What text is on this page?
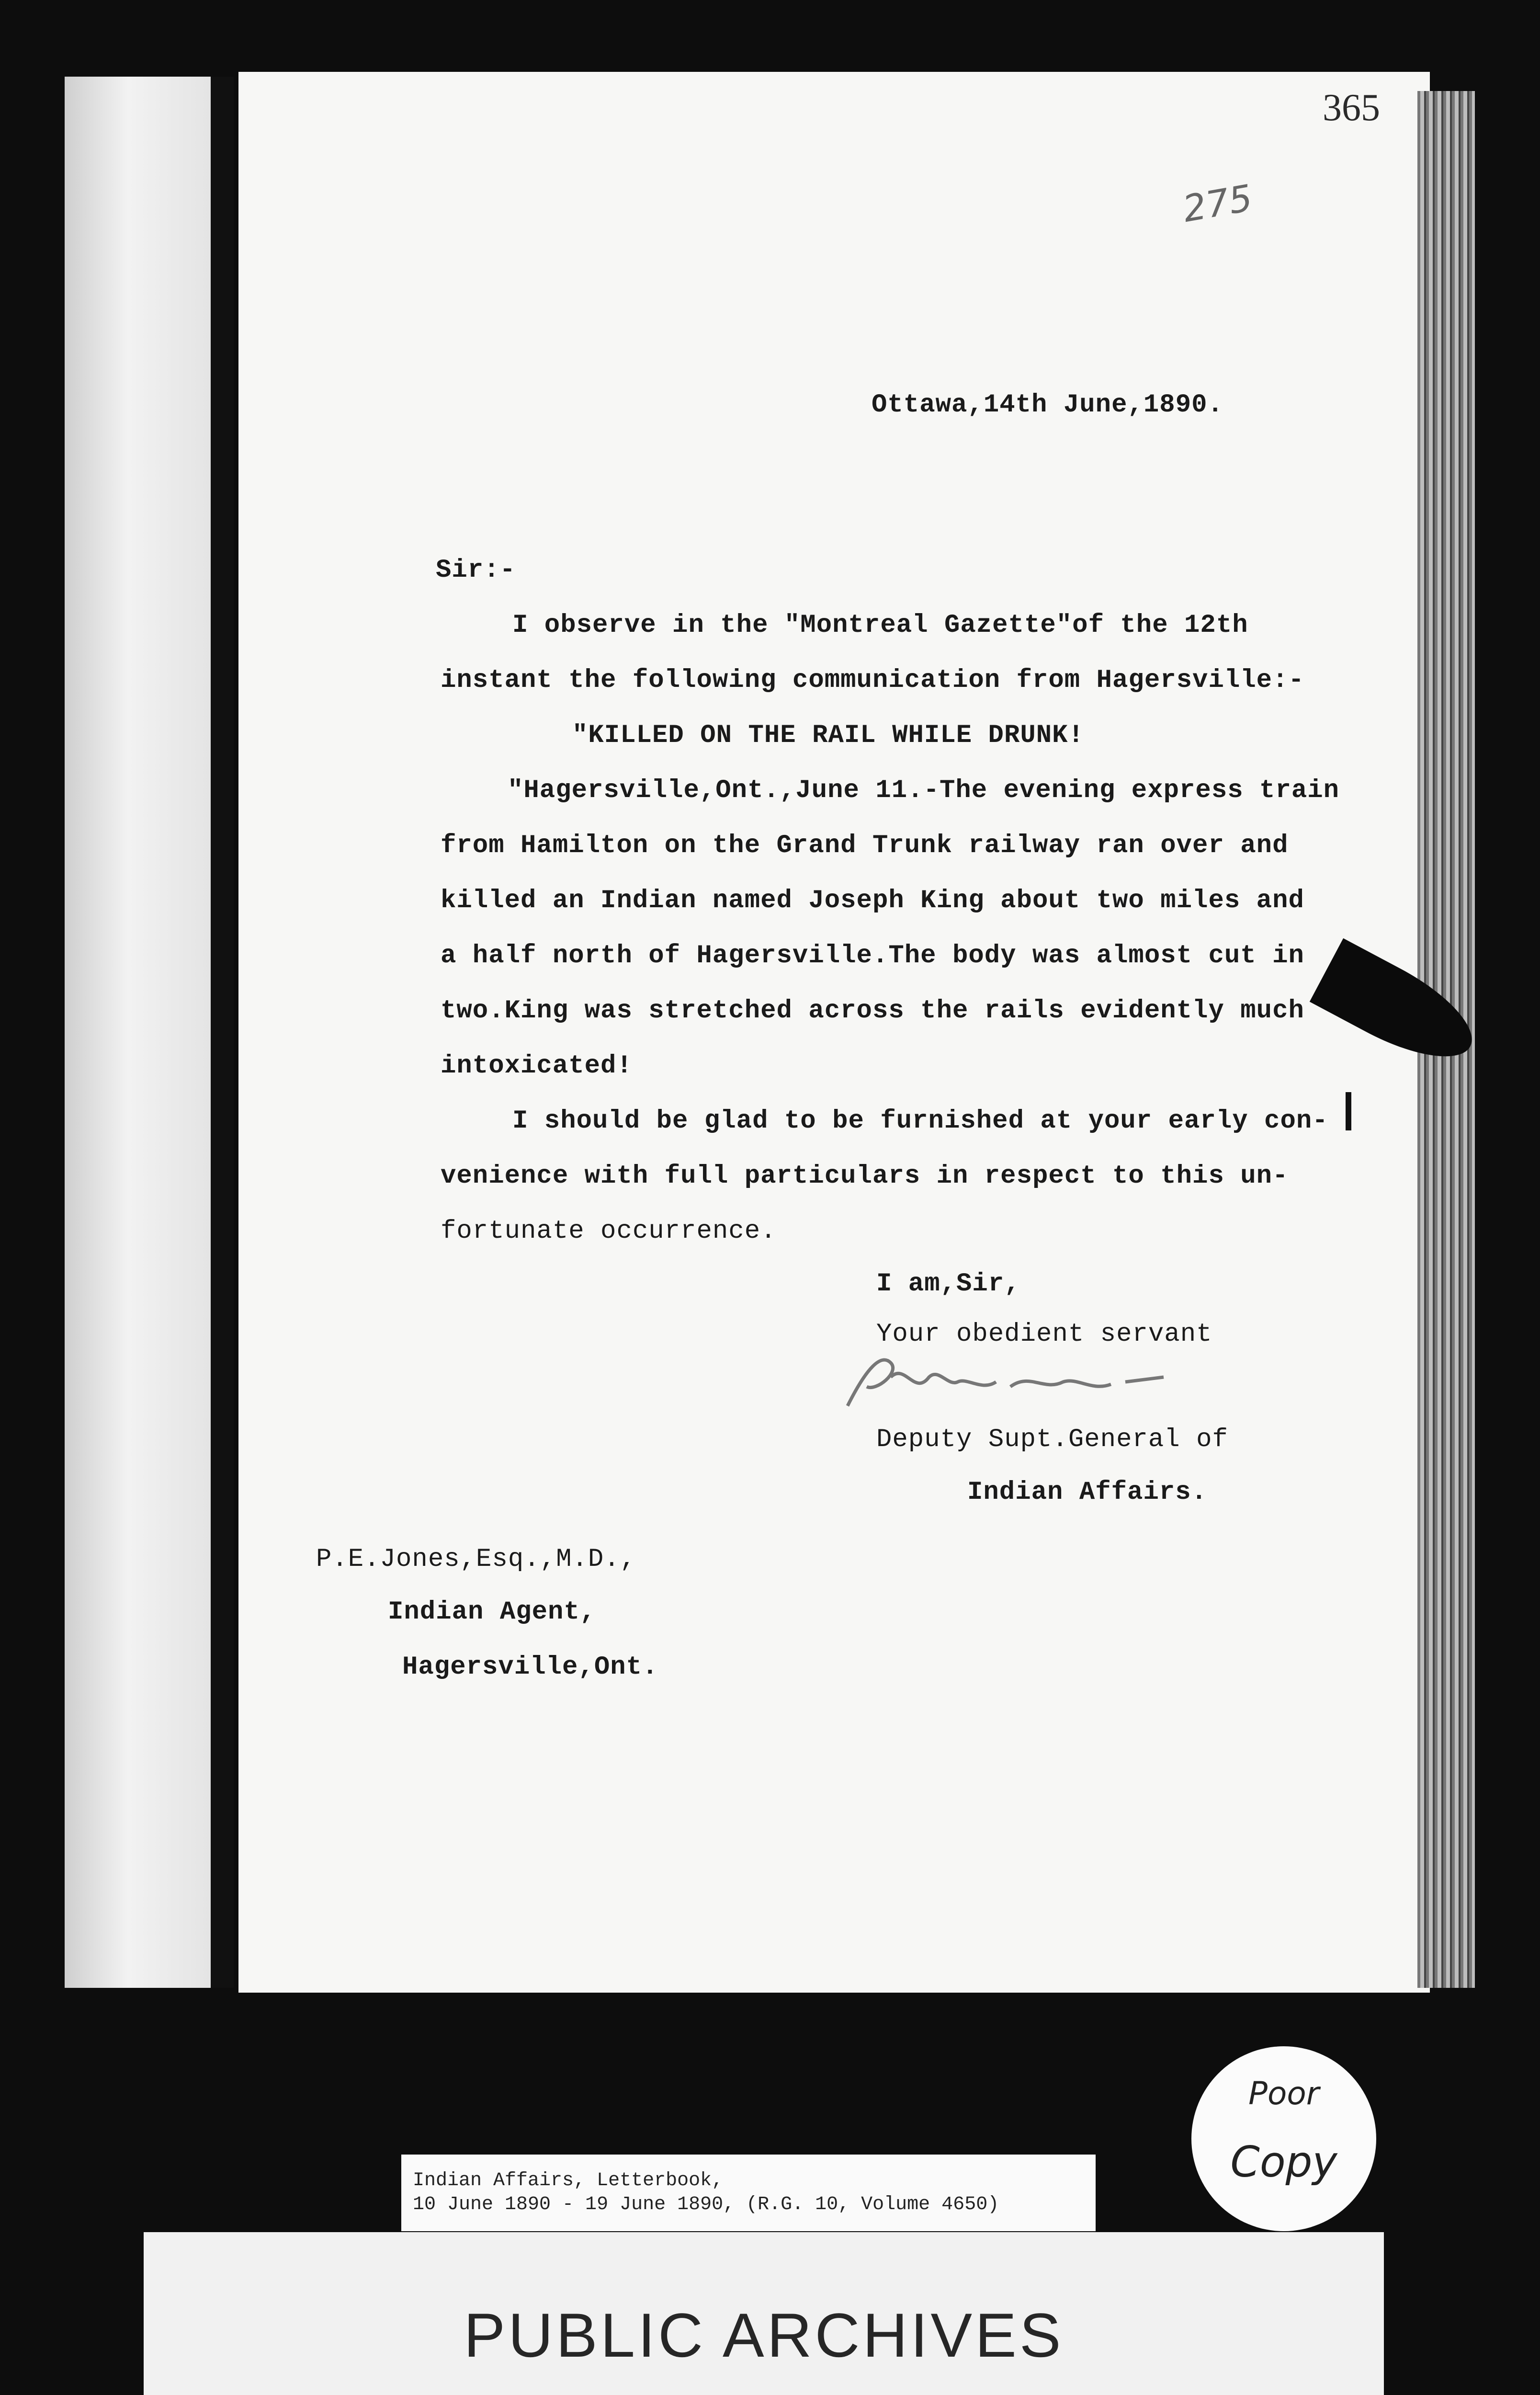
365
275
Ottawa,14th June,1890.
Sir:-
I observe in the "Montreal Gazette"of the 12th
instant the following communication from Hagersville:-
"KILLED ON THE RAIL WHILE DRUNK!
"Hagersville,Ont.,June 11.-The evening express train
from Hamilton on the Grand Trunk railway ran over and
killed an Indian named Joseph King about two miles and
a half north of Hagersville.The body was almost cut in
two.King was stretched across the rails evidently much
intoxicated!
I should be glad to be furnished at your early con-
venience with full particulars in respect to this un-
fortunate occurrence.
I am,Sir,
Your obedient servant
Deputy Supt.General of
Indian Affairs.
P.E.Jones,Esq.,M.D.,
Indian Agent,
Hagersville,Ont.
Indian Affairs, Letterbook,
10 June 1890 - 19 June 1890, (R.G. 10, Volume 4650)
Poor
Copy
PUBLIC ARCHIVES
